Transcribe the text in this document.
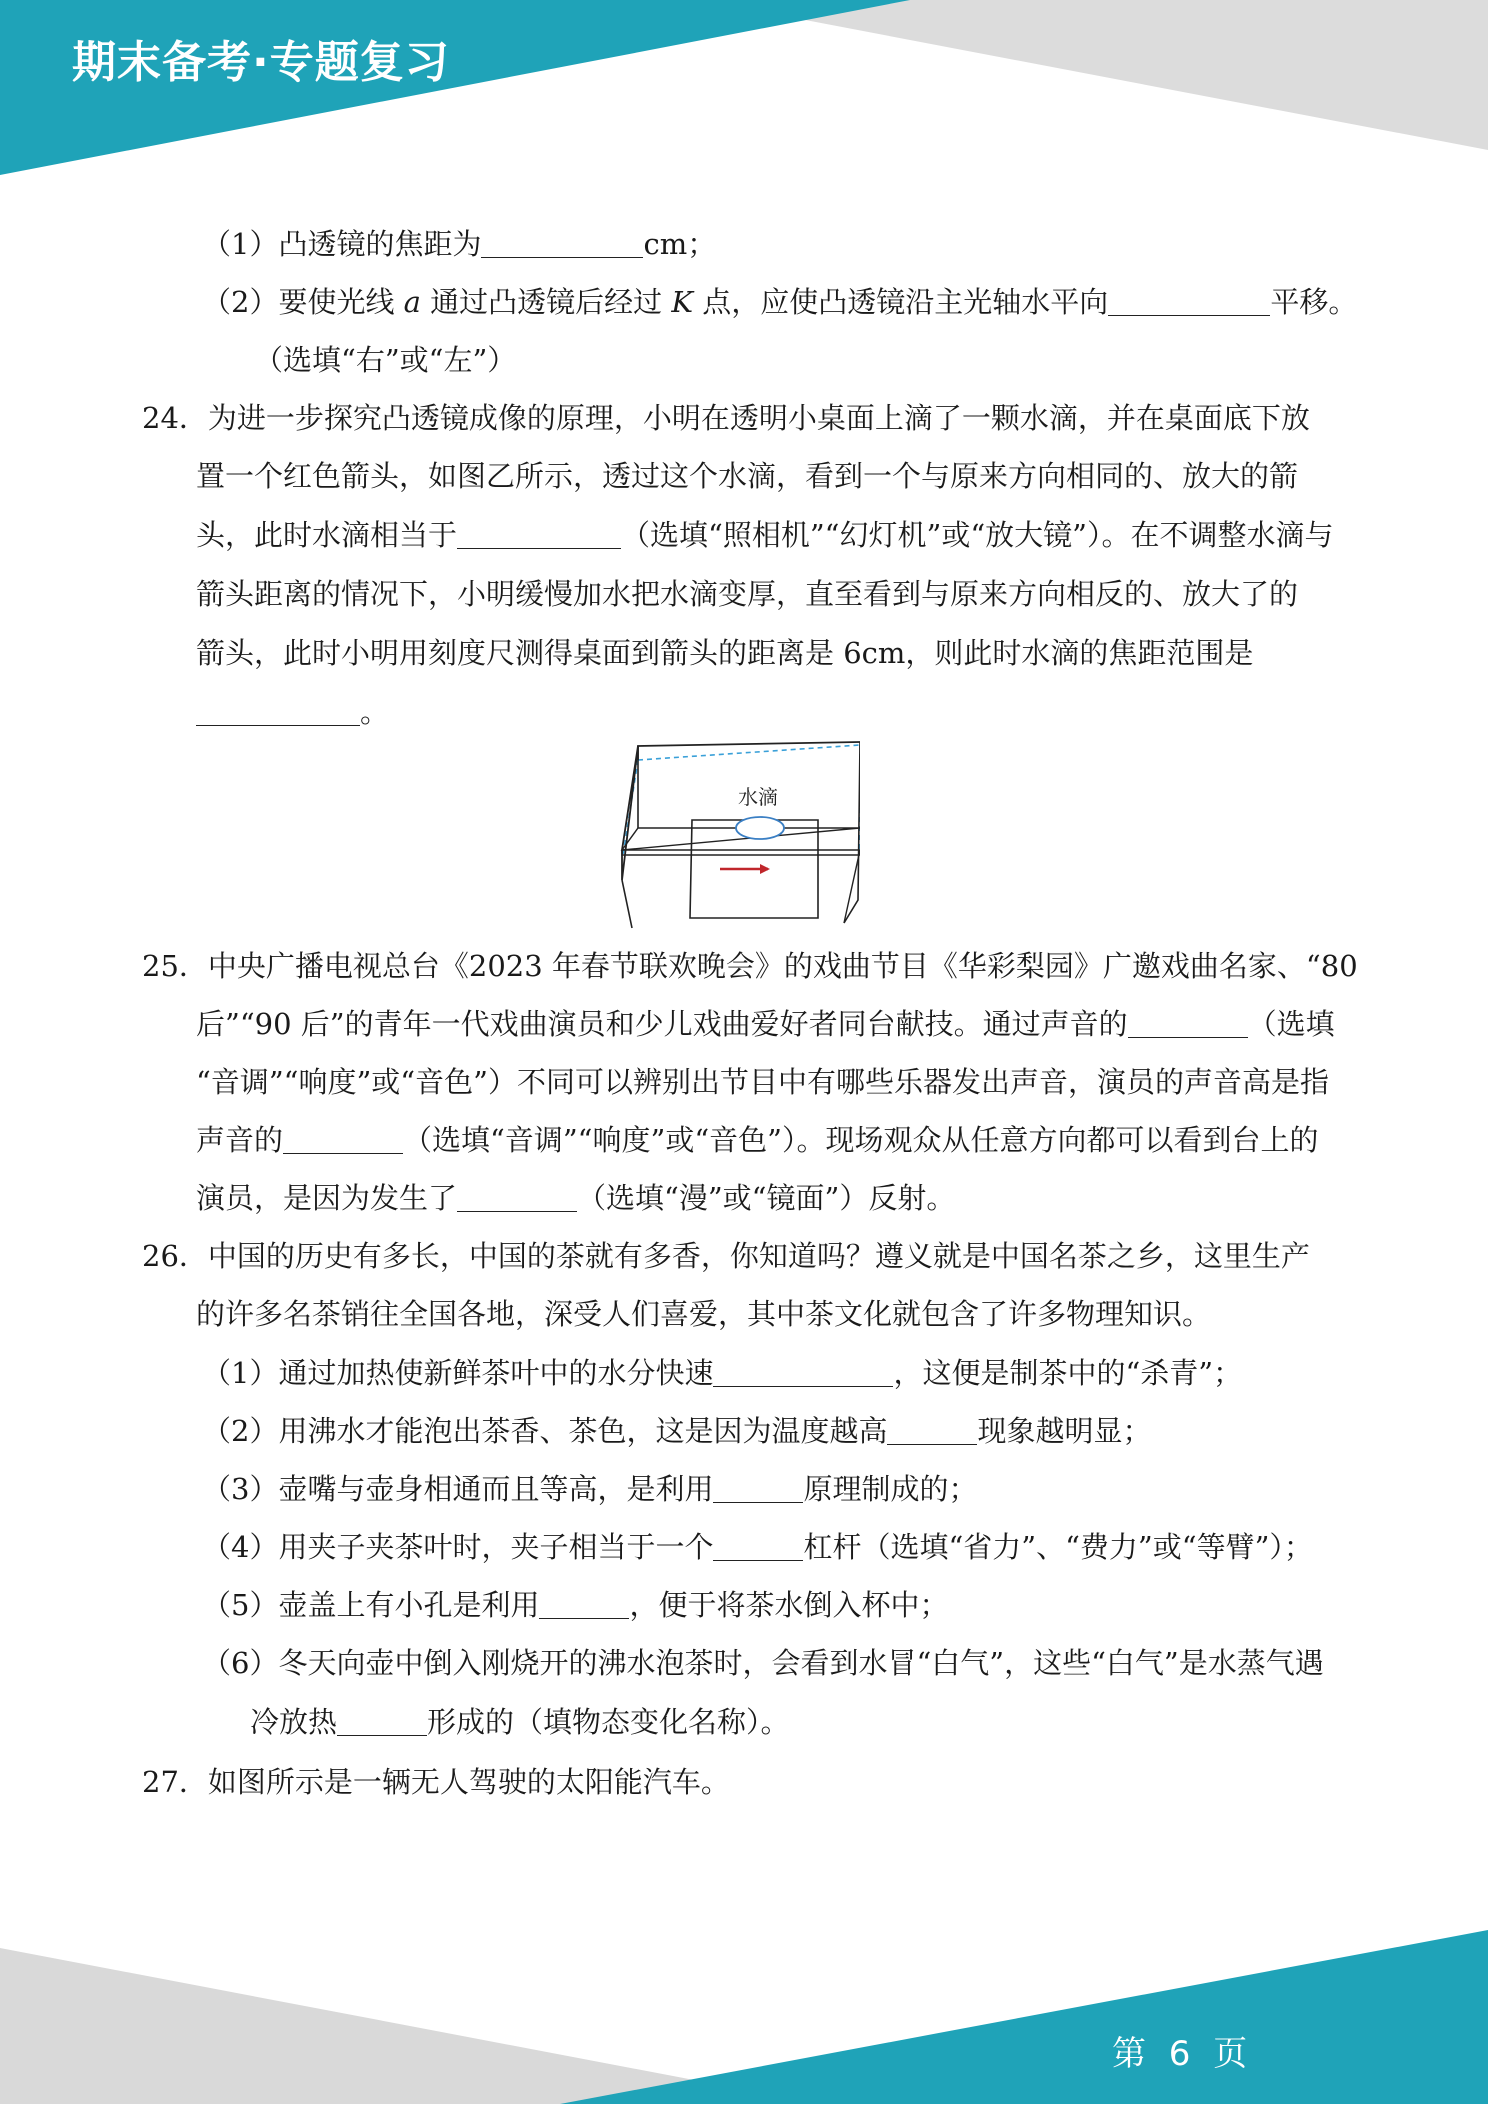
期末备考·专题复习
（1）凸透镜的焦距为	cm；
（2）要使光线 a 通过凸透镜后经过 K 点，应使凸透镜沿主光轴水平向	平移。
（选填“右”或“左”）
24．为进一步探究凸透镜成像的原理，小明在透明小桌面上滴了一颗水滴，并在桌面底下放
置一个红色箭头，如图乙所示，透过这个水滴，看到一个与原来方向相同的、放大的箭
头，此时水滴相当于	（选填“照相机”“幻灯机”或“放大镜”）。在不调整水滴与
箭头距离的情况下，小明缓慢加水把水滴变厚，直至看到与原来方向相反的、放大了的
箭头，此时小明用刻度尺测得桌面到箭头的距离是 6cm，则此时水滴的焦距范围是
。
水滴
25．中央广播电视总台《2023 年春节联欢晚会》的戏曲节目《华彩梨园》广邀戏曲名家、“80
后”“90 后”的青年一代戏曲演员和少儿戏曲爱好者同台献技。通过声音的	（选填
“音调”“响度”或“音色”）不同可以辨别出节目中有哪些乐器发出声音，演员的声音高是指
声音的	（选填“音调”“响度”或“音色”）。现场观众从任意方向都可以看到台上的
演员，是因为发生了	（选填“漫”或“镜面”）反射。
26．中国的历史有多长，中国的茶就有多香，你知道吗？遵义就是中国名茶之乡，这里生产
的许多名茶销往全国各地，深受人们喜爱，其中茶文化就包含了许多物理知识。
（1）通过加热使新鲜茶叶中的水分快速	，这便是制茶中的“杀青”；
（2）用沸水才能泡出茶香、茶色，这是因为温度越高	现象越明显；
（3）壶嘴与壶身相通而且等高，是利用	原理制成的；
（4）用夹子夹茶叶时，夹子相当于一个	杠杆（选填“省力”、“费力”或“等臂”）；
（5）壶盖上有小孔是利用	，便于将茶水倒入杯中；
（6）冬天向壶中倒入刚烧开的沸水泡茶时，会看到水冒“白气”，这些“白气”是水蒸气遇
冷放热	形成的（填物态变化名称）。
27．如图所示是一辆无人驾驶的太阳能汽车。
第 6 页
